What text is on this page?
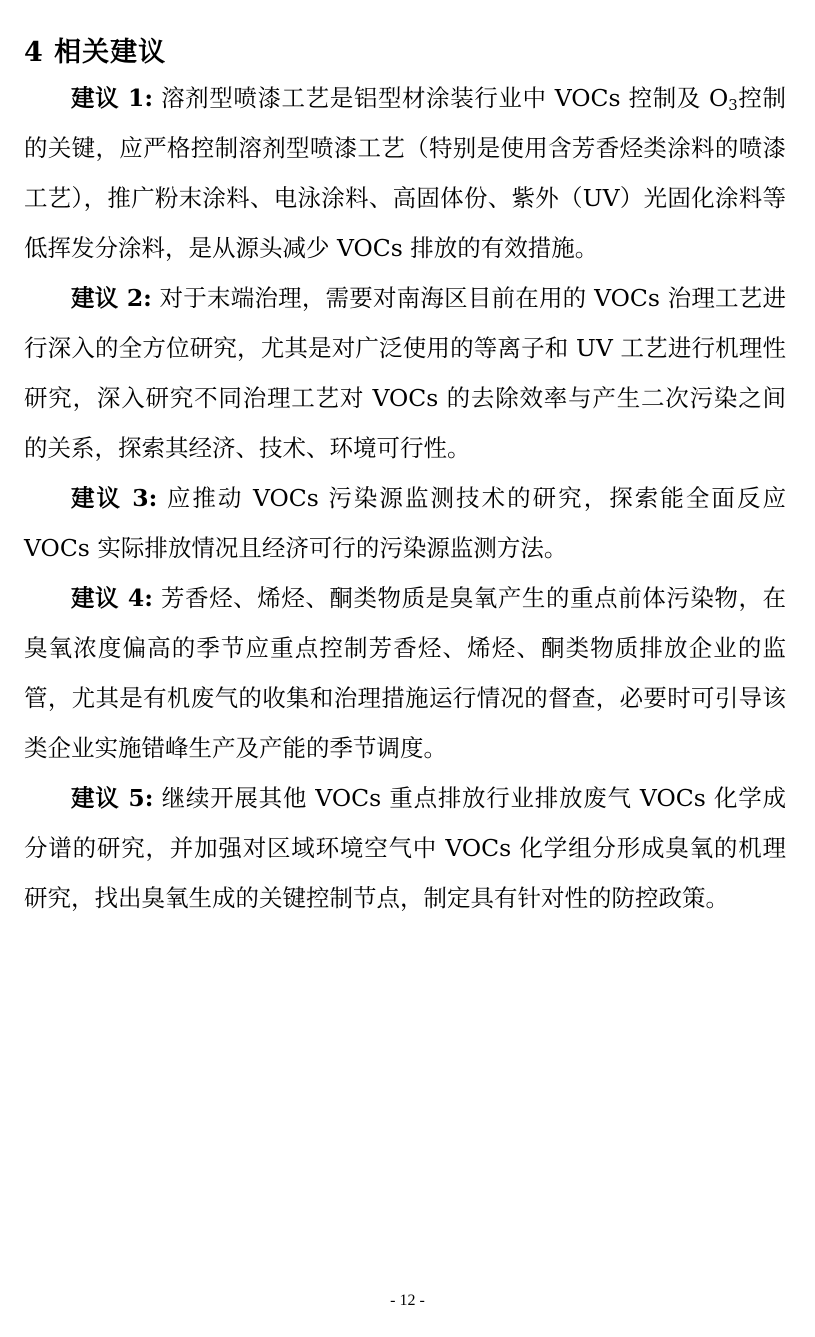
4 相关建议

建议 1: 溶剂型喷漆工艺是铝型材涂装行业中 VOCs 控制及 $O_3$控制的关键，应严格控制溶剂型喷漆工艺（特别是使用含芳香烃类涂料的喷漆工艺），推广粉末涂料、电泳涂料、高固体份、紫外（UV）光固化涂料等低挥发分涂料，是从源头减少 VOCs 排放的有效措施。

建议 2: 对于末端治理，需要对南海区目前在用的 VOCs 治理工艺进行深入的全方位研究，尤其是对广泛使用的等离子和 UV 工艺进行机理性研究，深入研究不同治理工艺对 VOCs 的去除效率与产生二次污染之间的关系，探索其经济、技术、环境可行性。

建议 3: 应推动 VOCs 污染源监测技术的研究，探索能全面反应 VOCs 实际排放情况且经济可行的污染源监测方法。

建议 4: 芳香烃、烯烃、酮类物质是臭氧产生的重点前体污染物，在臭氧浓度偏高的季节应重点控制芳香烃、烯烃、酮类物质排放企业的监管，尤其是有机废气的收集和治理措施运行情况的督查，必要时可引导该类企业实施错峰生产及产能的季节调度。

建议 5: 继续开展其他 VOCs 重点排放行业排放废气 VOCs 化学成分谱的研究，并加强对区域环境空气中 VOCs 化学组分形成臭氧的机理研究，找出臭氧生成的关键控制节点，制定具有针对性的防控政策。

- 12 -
